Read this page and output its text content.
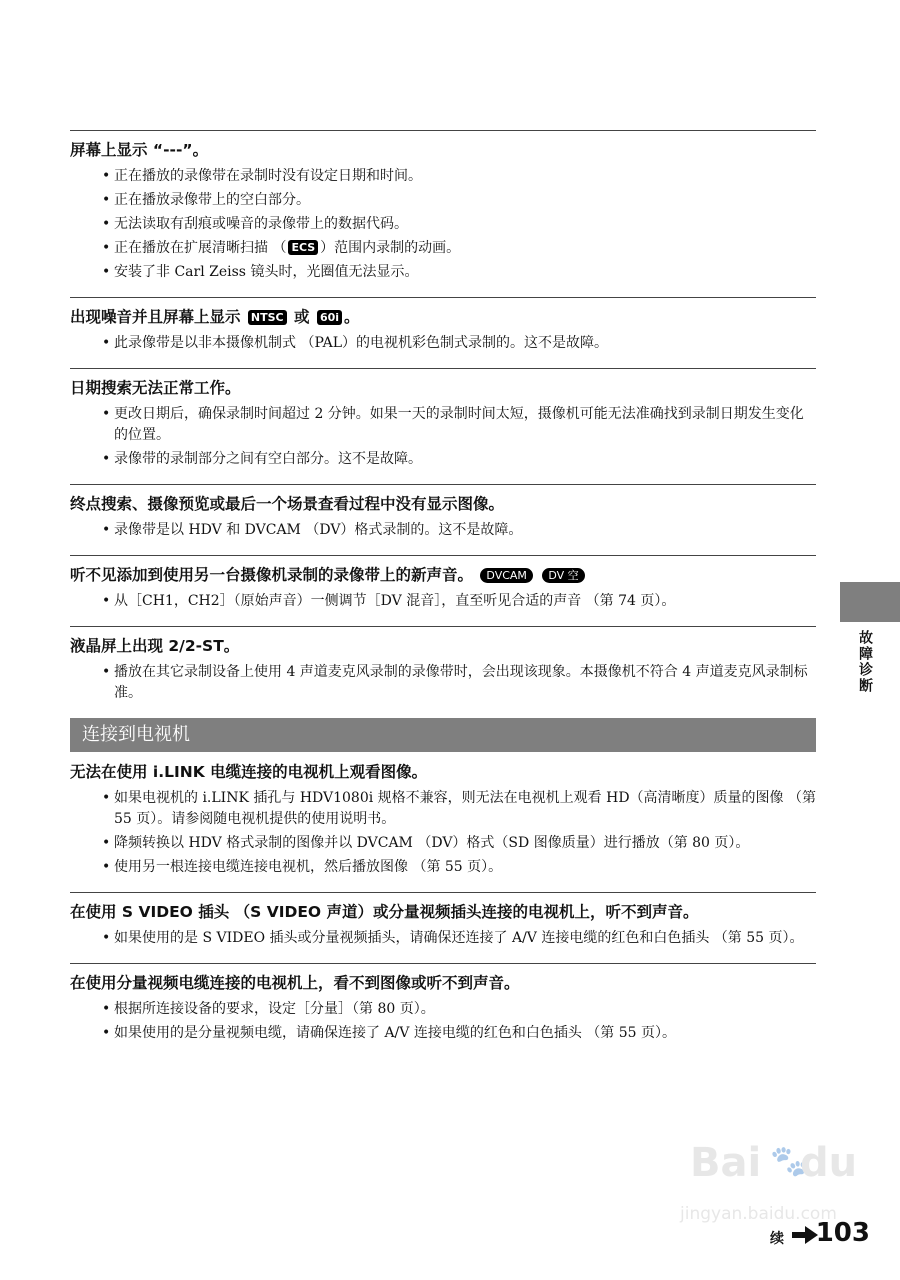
屏幕上显示 “---”。
• 正在播放的录像带在录制时没有设定日期和时间。
• 正在播放录像带上的空白部分。
• 无法读取有刮痕或噪音的录像带上的数据代码。
• 正在播放在扩展清晰扫描 （ ECS ）范围内录制的动画。
• 安装了非 Carl Zeiss 镜头时，光圈值无法显示。
出现噪音并且屏幕上显示 NTSC 或 60i 。
• 此录像带是以非本摄像机制式 （PAL）的电视机彩色制式录制的。这不是故障。
日期搜索无法正常工作。
• 更改日期后，确保录制时间超过 2 分钟。如果一天的录制时间太短，摄像机可能无法准确找到录制日期发生变化的位置。
• 录像带的录制部分之间有空白部分。这不是故障。
终点搜索、摄像预览或最后一个场景查看过程中没有显示图像。
• 录像带是以 HDV 和 DVCAM （DV）格式录制的。这不是故障。
听不见添加到使用另一台摄像机录制的录像带上的新声音。 DVCAM DV 空
• 从［CH1，CH2］（原始声音）一侧调节［DV 混音］，直至听见合适的声音 （第 74 页）。
液晶屏上出现 2/2-ST。
• 播放在其它录制设备上使用 4 声道麦克风录制的录像带时，会出现该现象。本摄像机不符合 4 声道麦克风录制标准。
连接到电视机
无法在使用 i.LINK 电缆连接的电视机上观看图像。
• 如果电视机的 i.LINK 插孔与 HDV1080i 规格不兼容，则无法在电视机上观看 HD（高清晰度）质量的图像 （第 55 页）。请参阅随电视机提供的使用说明书。
• 降频转换以 HDV 格式录制的图像并以 DVCAM （DV）格式（SD 图像质量）进行播放（第 80 页）。
• 使用另一根连接电缆连接电视机，然后播放图像 （第 55 页）。
在使用 S VIDEO 插头 （S VIDEO 声道）或分量视频插头连接的电视机上，听不到声音。
• 如果使用的是 S VIDEO 插头或分量视频插头，请确保还连接了 A/V 连接电缆的红色和白色插头 （第 55 页）。
在使用分量视频电缆连接的电视机上，看不到图像或听不到声音。
• 根据所连接设备的要求，设定［分量］（第 80 页）。
• 如果使用的是分量视频电缆，请确保连接了 A/V 连接电缆的红色和白色插头 （第 55 页）。
故障诊断
Bai 🐾
du
jingyan.baidu.com
续 103
